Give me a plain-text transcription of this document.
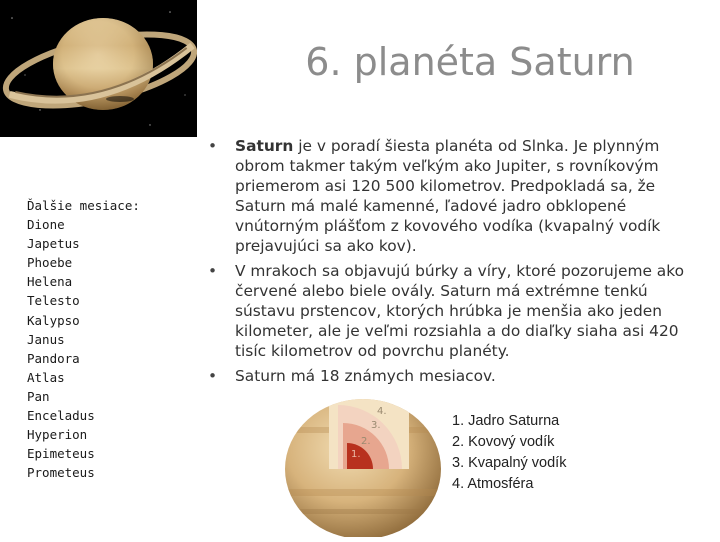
6. planéta Saturn
Ďalšie mesiace:
Dione
Japetus
Phoebe
Helena
Telesto
Kalypso
Janus
Pandora
Atlas
Pan
Enceladus
Hyperion
Epimeteus
Prometeus
• Saturn je v poradí šiesta planéta od Slnka. Je plynným obrom takmer takým veľkým ako Jupiter, s rovníkovým priemerom asi 120 500 kilometrov. Predpokladá sa, že Saturn má malé kamenné, ľadové jadro obklopené vnútorným plášťom z kovového vodíka (kvapalný vodík prejavujúci sa ako kov).
• V mrakoch sa objavujú búrky a víry, ktoré pozorujeme ako červené alebo biele ovály. Saturn má extrémne tenkú sústavu prstencov, ktorých hrúbka je menšia ako jeden kilometer, ale je veľmi rozsiahla a do diaľky siaha asi 420 tisíc kilometrov od povrchu planéty.
• Saturn má 18 známych mesiacov.
4.
3.
2.
1.
1. Jadro Saturna
2. Kovový vodík
3. Kvapalný vodík
4. Atmosféra
